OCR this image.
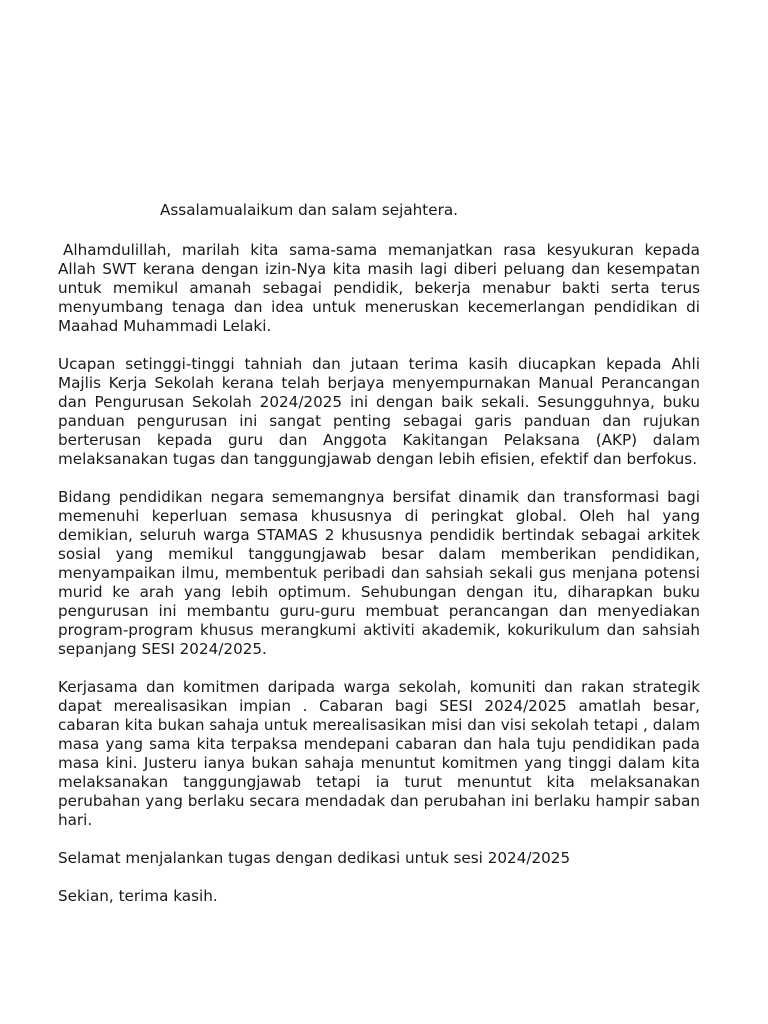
Assalamualaikum dan salam sejahtera.

Alhamdulillah, marilah kita sama-sama memanjatkan rasa kesyukuran kepada Allah SWT kerana dengan izin-Nya kita masih lagi diberi peluang dan kesempatan untuk memikul amanah sebagai pendidik, bekerja menabur bakti serta terus menyumbang tenaga dan idea untuk meneruskan kecemerlangan pendidikan di Maahad Muhammadi Lelaki.

Ucapan setinggi-tinggi tahniah dan jutaan terima kasih diucapkan kepada Ahli Majlis Kerja Sekolah kerana telah berjaya menyempurnakan Manual Perancangan dan Pengurusan Sekolah 2024/2025 ini dengan baik sekali. Sesungguhnya, buku panduan pengurusan ini sangat penting sebagai garis panduan dan rujukan berterusan kepada guru dan Anggota Kakitangan Pelaksana (AKP) dalam melaksanakan tugas dan tanggungjawab dengan lebih efisien, efektif dan berfokus.

Bidang pendidikan negara sememangnya bersifat dinamik dan transformasi bagi memenuhi keperluan semasa khususnya di peringkat global. Oleh hal yang demikian, seluruh warga STAMAS 2 khususnya pendidik bertindak sebagai arkitek sosial yang memikul tanggungjawab besar dalam memberikan pendidikan, menyampaikan ilmu, membentuk peribadi dan sahsiah sekali gus menjana potensi murid ke arah yang lebih optimum. Sehubungan dengan itu, diharapkan buku pengurusan ini membantu guru-guru membuat perancangan dan menyediakan program-program khusus merangkumi aktiviti akademik, kokurikulum dan sahsiah sepanjang SESI 2024/2025.

Kerjasama dan komitmen daripada warga sekolah, komuniti dan rakan strategik dapat merealisasikan impian . Cabaran bagi SESI 2024/2025 amatlah besar, cabaran kita bukan sahaja untuk merealisasikan misi dan visi sekolah tetapi , dalam masa yang sama kita terpaksa mendepani cabaran dan hala tuju pendidikan pada masa kini. Justeru ianya bukan sahaja menuntut komitmen yang tinggi dalam kita melaksanakan tanggungjawab tetapi ia turut menuntut kita melaksanakan perubahan yang berlaku secara mendadak dan perubahan ini berlaku hampir saban hari.

Selamat menjalankan tugas dengan dedikasi untuk sesi 2024/2025

Sekian, terima kasih.
